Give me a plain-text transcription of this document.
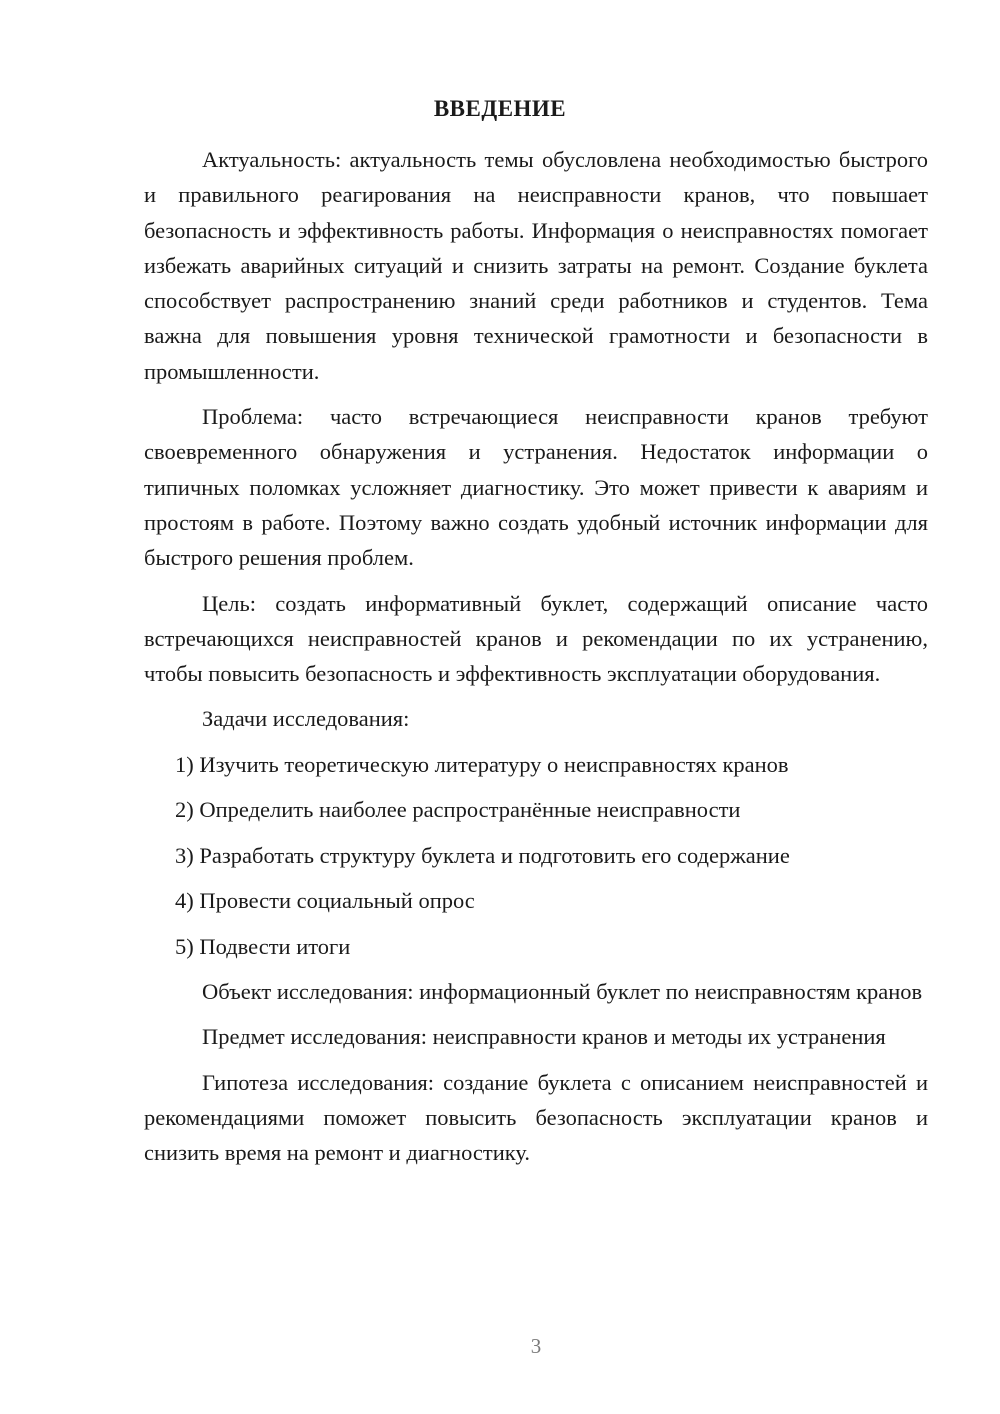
ВВЕДЕНИЕ

Актуальность: актуальность темы обусловлена необходимостью быстрого и правильного реагирования на неисправности кранов, что повышает безопасность и эффективность работы. Информация о неисправностях помогает избежать аварийных ситуаций и снизить затраты на ремонт. Создание буклета способствует распространению знаний среди работников и студентов. Тема важна для повышения уровня технической грамотности и безопасности в промышленности.

Проблема: часто встречающиеся неисправности кранов требуют своевременного обнаружения и устранения. Недостаток информации о типичных поломках усложняет диагностику. Это может привести к авариям и простоям в работе. Поэтому важно создать удобный источник информации для быстрого решения проблем.

Цель: создать информативный буклет, содержащий описание часто встречающихся неисправностей кранов и рекомендации по их устранению, чтобы повысить безопасность и эффективность эксплуатации оборудования.

Задачи исследования:

1) Изучить теоретическую литературу о неисправностях кранов
2) Определить наиболее распространённые неисправности
3) Разработать структуру буклета и подготовить его содержание
4) Провести социальный опрос
5) Подвести итоги

Объект исследования: информационный буклет по неисправностям кранов

Предмет исследования: неисправности кранов и методы их устранения

Гипотеза исследования: создание буклета с описанием неисправностей и рекомендациями поможет повысить безопасность эксплуатации кранов и снизить время на ремонт и диагностику.

3
